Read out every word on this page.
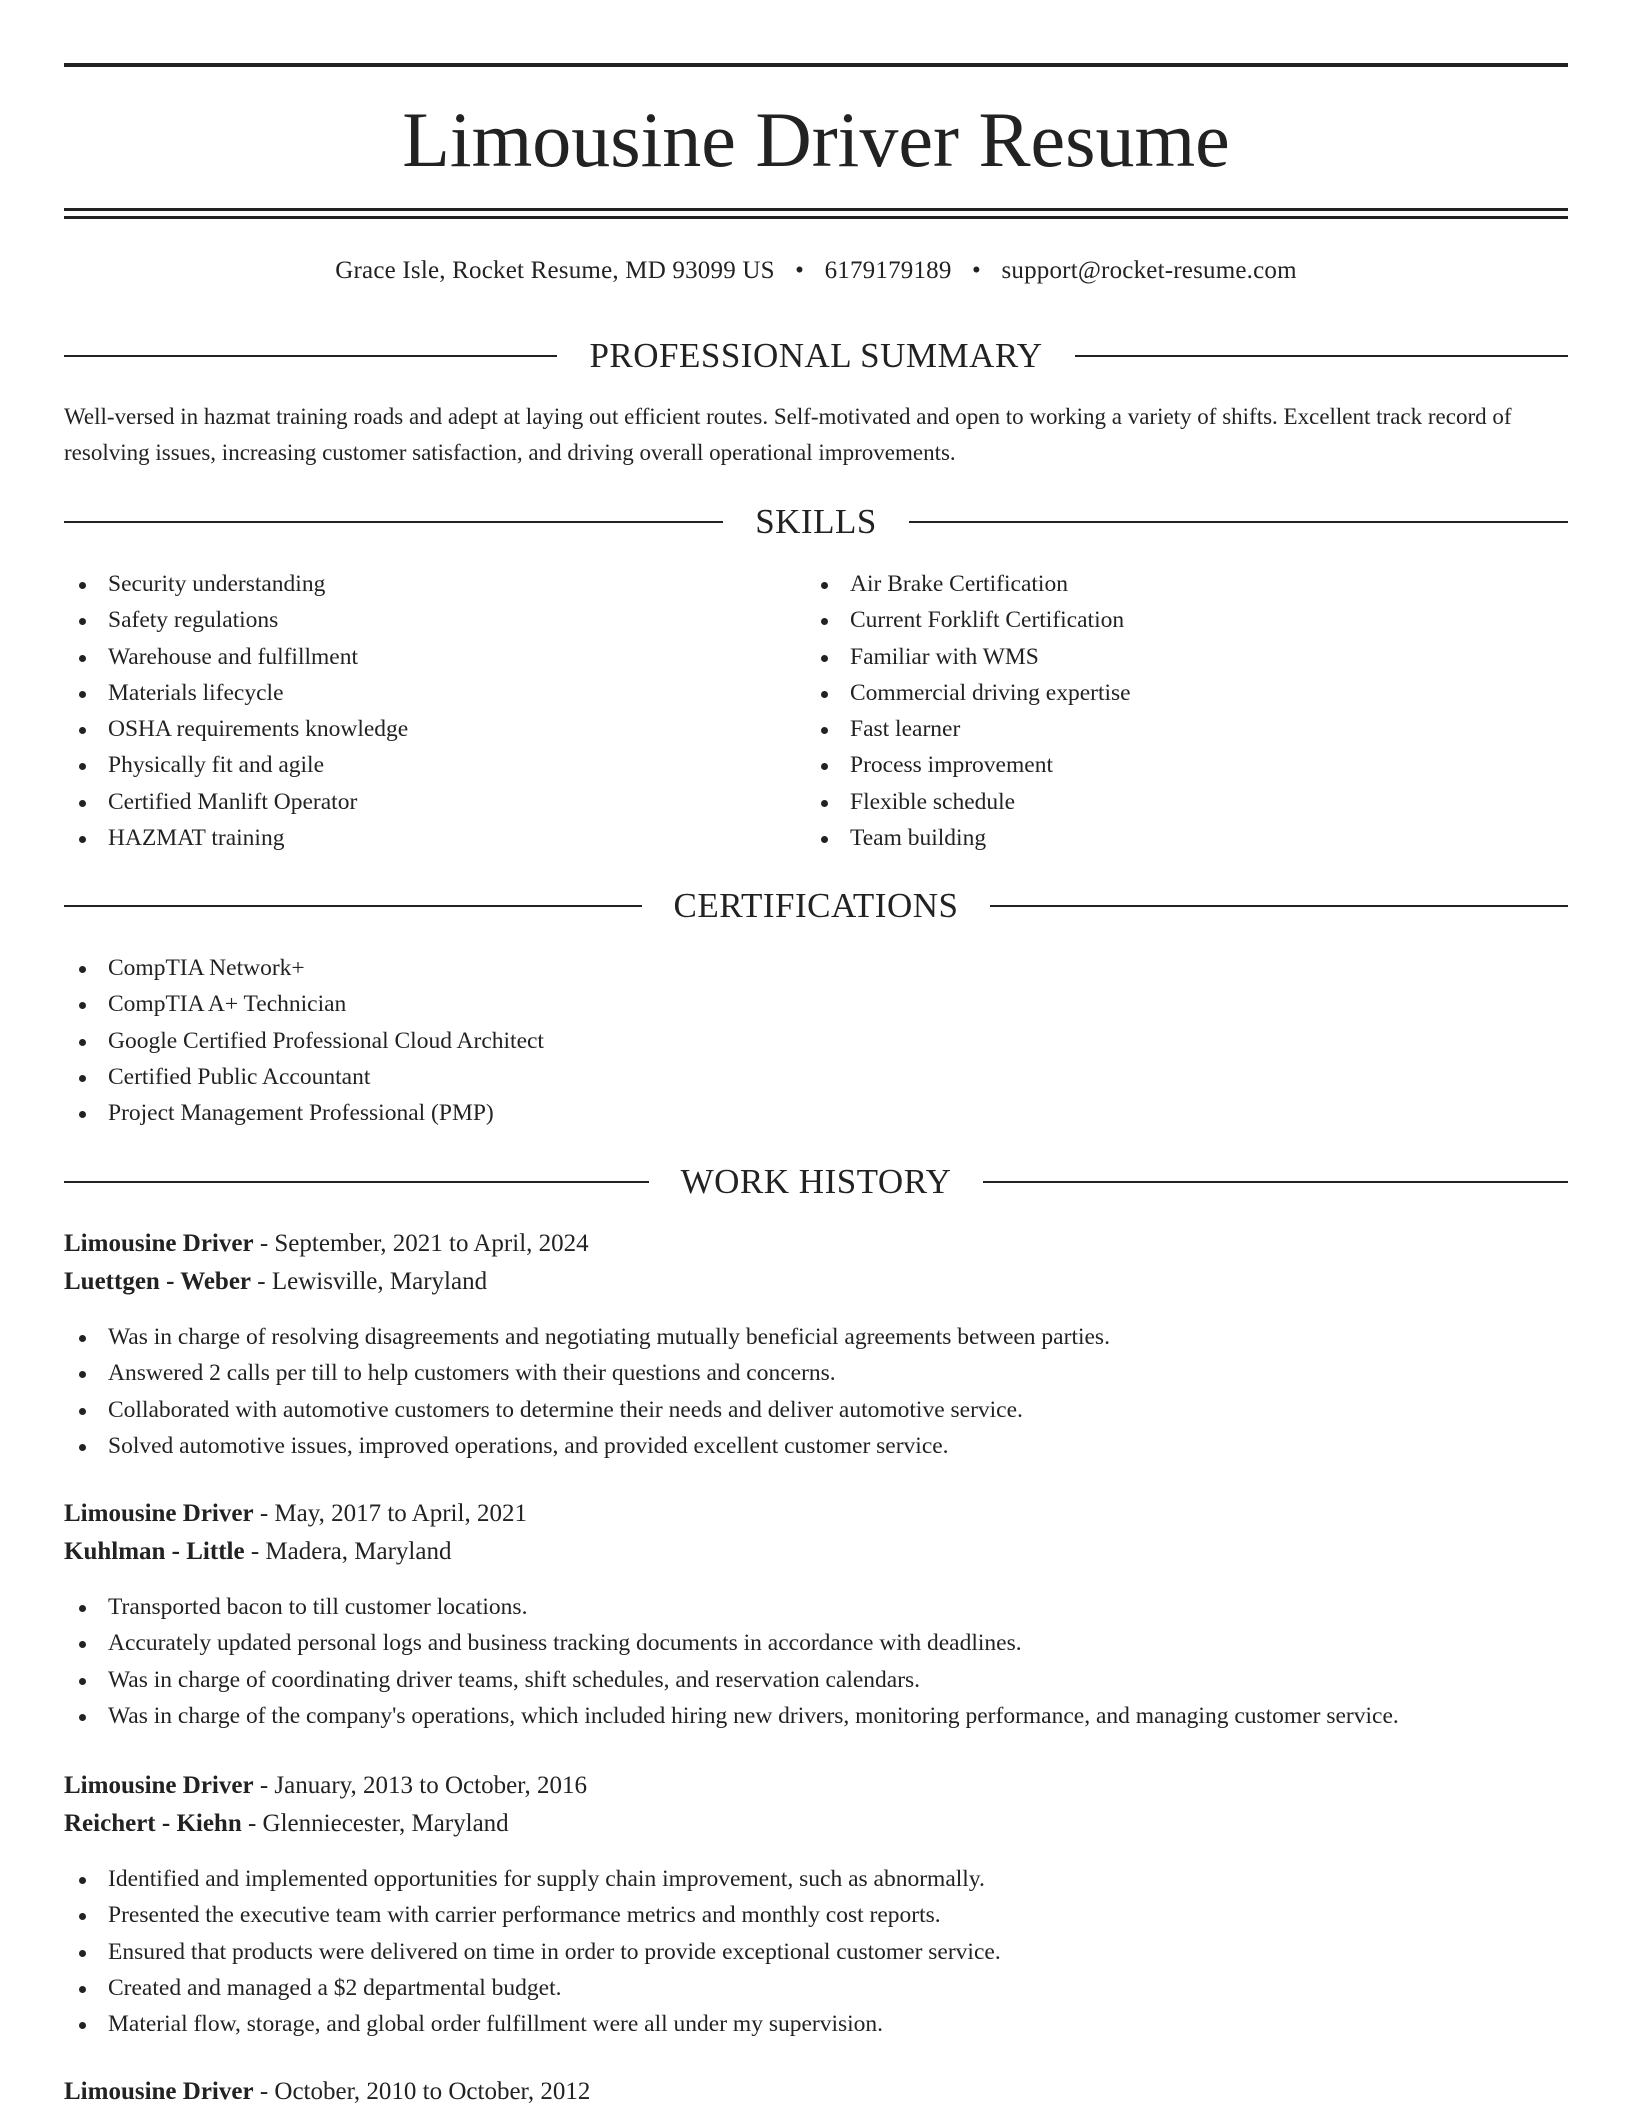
Limousine Driver Resume
Grace Isle, Rocket Resume, MD 93099 US • 6179179189 • support@rocket-resume.com
PROFESSIONAL SUMMARY
Well-versed in hazmat training roads and adept at laying out efficient routes. Self-motivated and open to working a variety of shifts. Excellent track record of resolving issues, increasing customer satisfaction, and driving overall operational improvements.
SKILLS
Security understanding
Safety regulations
Warehouse and fulfillment
Materials lifecycle
OSHA requirements knowledge
Physically fit and agile
Certified Manlift Operator
HAZMAT training
Air Brake Certification
Current Forklift Certification
Familiar with WMS
Commercial driving expertise
Fast learner
Process improvement
Flexible schedule
Team building
CERTIFICATIONS
CompTIA Network+
CompTIA A+ Technician
Google Certified Professional Cloud Architect
Certified Public Accountant
Project Management Professional (PMP)
WORK HISTORY
Limousine Driver - September, 2021 to April, 2024
Luettgen - Weber - Lewisville, Maryland
Was in charge of resolving disagreements and negotiating mutually beneficial agreements between parties.
Answered 2 calls per till to help customers with their questions and concerns.
Collaborated with automotive customers to determine their needs and deliver automotive service.
Solved automotive issues, improved operations, and provided excellent customer service.
Limousine Driver - May, 2017 to April, 2021
Kuhlman - Little - Madera, Maryland
Transported bacon to till customer locations.
Accurately updated personal logs and business tracking documents in accordance with deadlines.
Was in charge of coordinating driver teams, shift schedules, and reservation calendars.
Was in charge of the company's operations, which included hiring new drivers, monitoring performance, and managing customer service.
Limousine Driver - January, 2013 to October, 2016
Reichert - Kiehn - Glenniecester, Maryland
Identified and implemented opportunities for supply chain improvement, such as abnormally.
Presented the executive team with carrier performance metrics and monthly cost reports.
Ensured that products were delivered on time in order to provide exceptional customer service.
Created and managed a $2 departmental budget.
Material flow, storage, and global order fulfillment were all under my supervision.
Limousine Driver - October, 2010 to October, 2012
